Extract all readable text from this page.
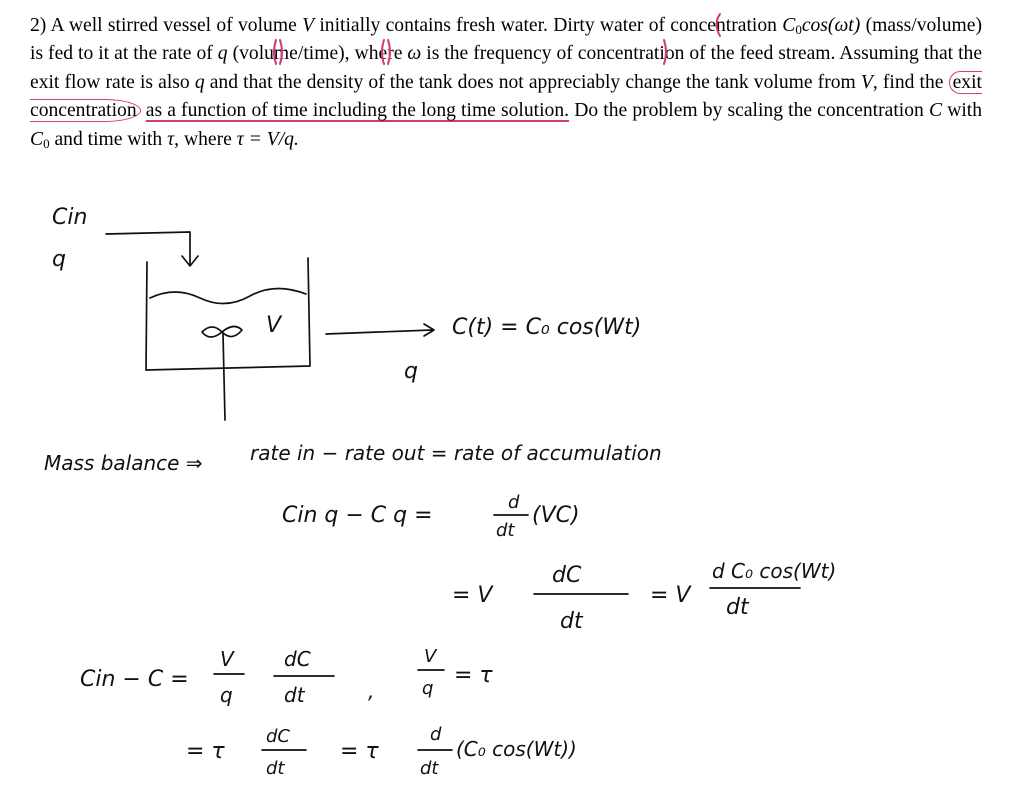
2) A well stirred vessel of volume V initially contains fresh water. Dirty water of concentration $C_0\cos(\omega t)$ (mass/volume) is fed to it at the rate of q (volume/time), where ω is the frequency of concentration of the feed stream. Assuming that the exit flow rate is also q and that the density of the tank does not appreciably change the tank volume from V, find the exit concentration as a function of time including the long time solution. Do the problem by scaling the concentration C with $C_0$ and time with τ, where τ = V/q.
Cin
q
V	C(t) = C₀ cos(Wt)
q
Mass balance ⇒ rate in − rate out = rate of accumulation
Cin q − C q =
d
dt
(VC)
= V
dC
dt
= V
d C₀ cos(Wt)
dt
Cin − C =
V
q
dC
dt	,
V
q
= τ
= τ
dC
dt
= τ
d
dt
(C₀ cos(Wt))
